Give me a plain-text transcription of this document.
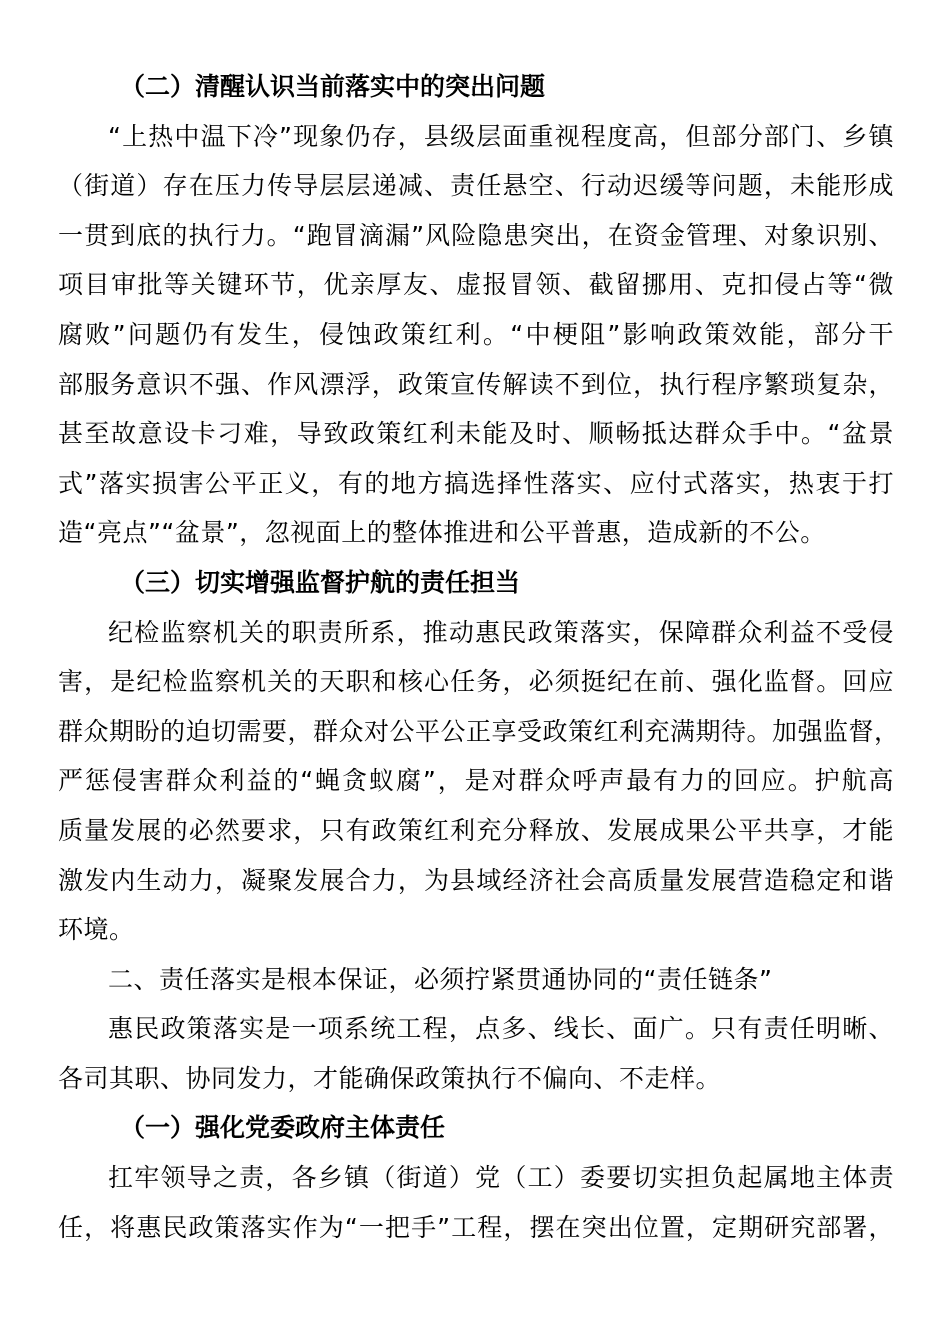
（二）清醒认识当前落实中的突出问题
“上热中温下冷”现象仍存，县级层面重视程度高，但部分部门、乡镇
（街道）存在压力传导层层递减、责任悬空、行动迟缓等问题，未能形成
一贯到底的执行力。“跑冒滴漏”风险隐患突出，在资金管理、对象识别、
项目审批等关键环节，优亲厚友、虚报冒领、截留挪用、克扣侵占等“微
腐败”问题仍有发生，侵蚀政策红利。“中梗阻”影响政策效能，部分干
部服务意识不强、作风漂浮，政策宣传解读不到位，执行程序繁琐复杂，
甚至故意设卡刁难，导致政策红利未能及时、顺畅抵达群众手中。“盆景
式”落实损害公平正义，有的地方搞选择性落实、应付式落实，热衷于打
造“亮点”“盆景”，忽视面上的整体推进和公平普惠，造成新的不公。
（三）切实增强监督护航的责任担当
纪检监察机关的职责所系，推动惠民政策落实，保障群众利益不受侵
害，是纪检监察机关的天职和核心任务，必须挺纪在前、强化监督。回应
群众期盼的迫切需要，群众对公平公正享受政策红利充满期待。加强监督，
严惩侵害群众利益的“蝇贪蚁腐”，是对群众呼声最有力的回应。护航高
质量发展的必然要求，只有政策红利充分释放、发展成果公平共享，才能
激发内生动力，凝聚发展合力，为县域经济社会高质量发展营造稳定和谐
环境。
二、责任落实是根本保证，必须拧紧贯通协同的“责任链条”
惠民政策落实是一项系统工程，点多、线长、面广。只有责任明晰、
各司其职、协同发力，才能确保政策执行不偏向、不走样。
（一）强化党委政府主体责任
扛牢领导之责，各乡镇（街道）党（工）委要切实担负起属地主体责
任，将惠民政策落实作为“一把手”工程，摆在突出位置，定期研究部署，
